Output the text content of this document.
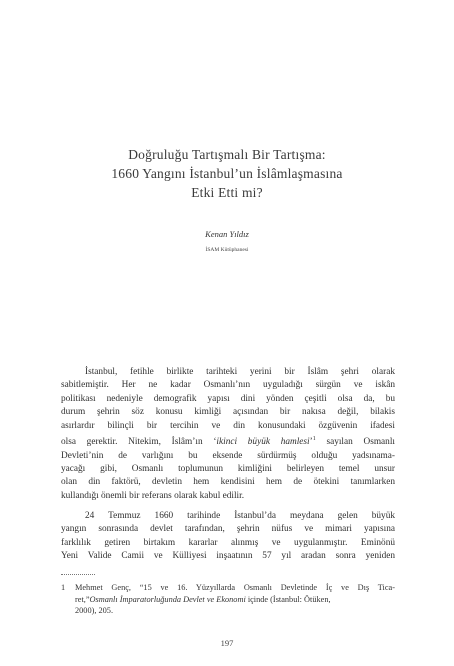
Doğruluğu Tartışmalı Bir Tartışma:
1660 Yangını İstanbul’un İslâmlaşmasına
Etki Etti mi?
Kenan Yıldız
İSAM Kütüphanesi
İstanbul, fetihle birlikte tarihteki yerini bir İslâm şehri olarak
sabitlemiştir. Her ne kadar Osmanlı’nın uyguladığı sürgün ve iskân
politikası nedeniyle demografik yapısı dini yönden çeşitli olsa da, bu
durum şehrin söz konusu kimliği açısından bir nakısa değil, bilakis
asırlardır bilinçli bir tercihin ve din konusundaki özgüvenin ifadesi
olsa gerektir. Nitekim, İslâm’ın ‘ikinci büyük hamlesi’$^1$ sayılan Osmanlı
Devleti’nin de varlığını bu eksende sürdürmüş olduğu yadsınama-
yacağı gibi, Osmanlı toplumunun kimliğini belirleyen temel unsur
olan din faktörü, devletin hem kendisini hem de ötekini tanımlarken
kullandığı önemli bir referans olarak kabul edilir.
24 Temmuz 1660 tarihinde İstanbul’da meydana gelen büyük
yangın sonrasında devlet tarafından, şehrin nüfus ve mimari yapısına
farklılık getiren birtakım kararlar alınmış ve uygulanmıştır. Eminönü
Yeni Valide Camii ve Külliyesi inşaatının 57 yıl aradan sonra yeniden
1 Mehmet Genç, “15 ve 16. Yüzyıllarda Osmanlı Devletinde İç ve Dış Tica-
ret,”Osmanlı İmparatorluğunda Devlet ve Ekonomi içinde (İstanbul: Ötüken,
2000), 205.
197
